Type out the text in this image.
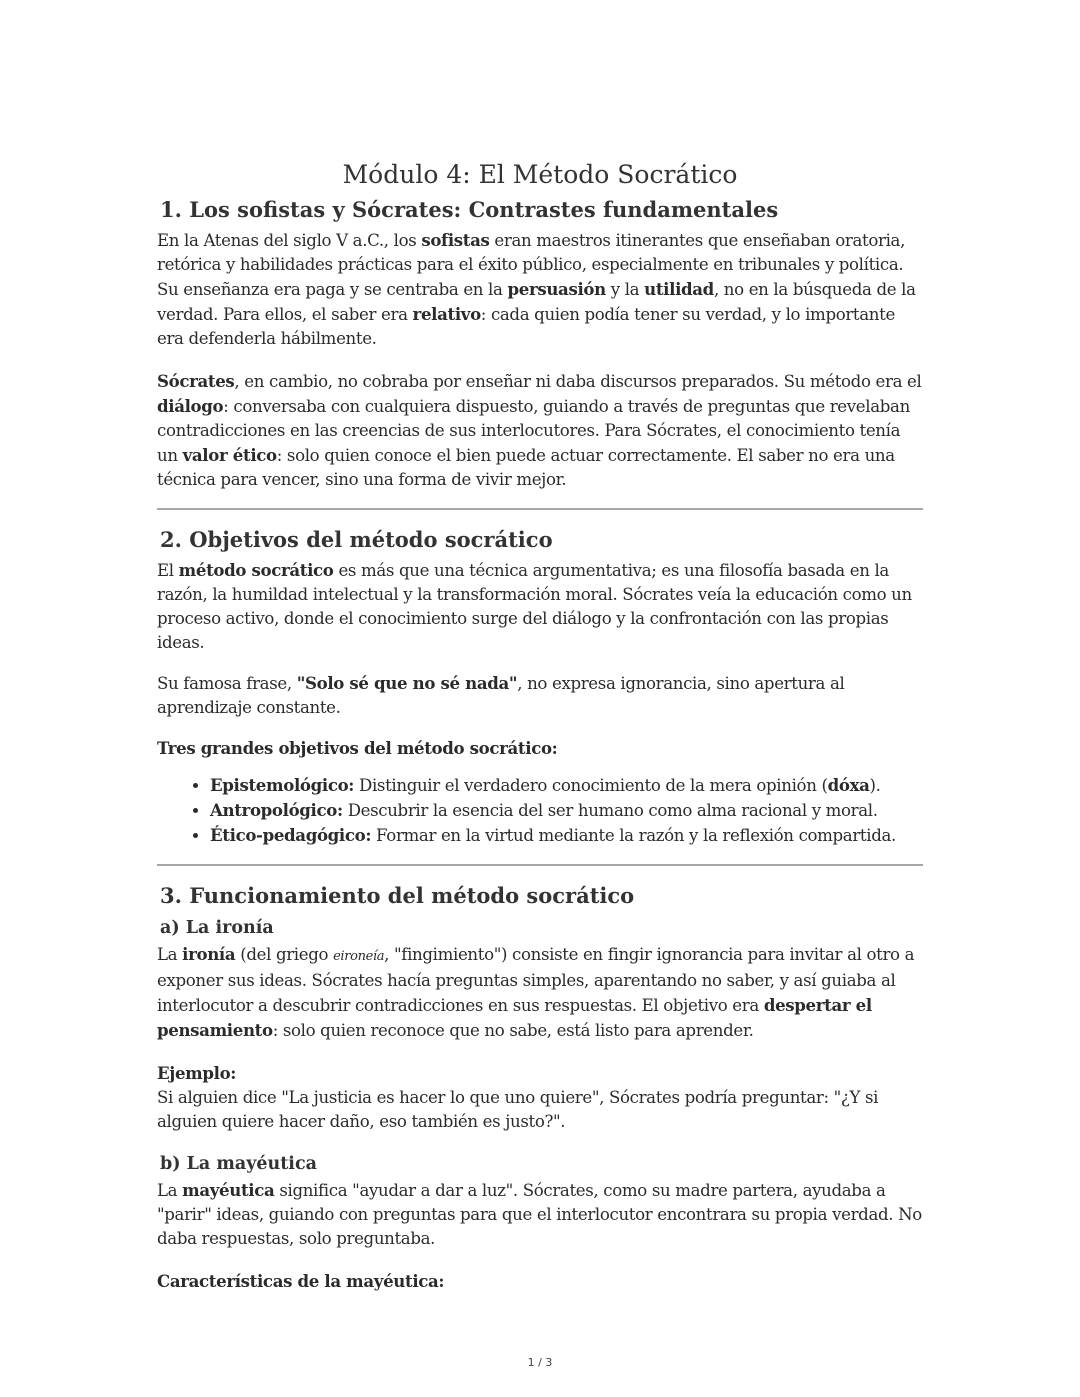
Módulo 4: El Método Socrático
1. Los sofistas y Sócrates: Contrastes fundamentales

En la Atenas del siglo V a.C., los sofistas eran maestros itinerantes que enseñaban oratoria, retórica y habilidades prácticas para el éxito público, especialmente en tribunales y política. Su enseñanza era paga y se centraba en la persuasión y la utilidad, no en la búsqueda de la verdad. Para ellos, el saber era relativo: cada quien podía tener su verdad, y lo importante era defenderla hábilmente.

Sócrates, en cambio, no cobraba por enseñar ni daba discursos preparados. Su método era el diálogo: conversaba con cualquiera dispuesto, guiando a través de preguntas que revelaban contradicciones en las creencias de sus interlocutores. Para Sócrates, el conocimiento tenía un valor ético: solo quien conoce el bien puede actuar correctamente. El saber no era una técnica para vencer, sino una forma de vivir mejor.

2. Objetivos del método socrático

El método socrático es más que una técnica argumentativa; es una filosofía basada en la razón, la humildad intelectual y la transformación moral. Sócrates veía la educación como un proceso activo, donde el conocimiento surge del diálogo y la confrontación con las propias ideas.

Su famosa frase, "Solo sé que no sé nada", no expresa ignorancia, sino apertura al aprendizaje constante.

Tres grandes objetivos del método socrático:

• Epistemológico: Distinguir el verdadero conocimiento de la mera opinión (dóxa).
• Antropológico: Descubrir la esencia del ser humano como alma racional y moral.
• Ético-pedagógico: Formar en la virtud mediante la razón y la reflexión compartida.
3. Funcionamiento del método socrático
a) La ironía

La ironía (del griego eironeía, "fingimiento") consiste en fingir ignorancia para invitar al otro a exponer sus ideas. Sócrates hacía preguntas simples, aparentando no saber, y así guiaba al interlocutor a descubrir contradicciones en sus respuestas. El objetivo era despertar el pensamiento: solo quien reconoce que no sabe, está listo para aprender.

Ejemplo:

Si alguien dice "La justicia es hacer lo que uno quiere", Sócrates podría preguntar: "¿Y si alguien quiere hacer daño, eso también es justo?".

b) La mayéutica

La mayéutica significa "ayudar a dar a luz". Sócrates, como su madre partera, ayudaba a "parir" ideas, guiando con preguntas para que el interlocutor encontrara su propia verdad. No daba respuestas, solo preguntaba.

Características de la mayéutica:

1 / 3
